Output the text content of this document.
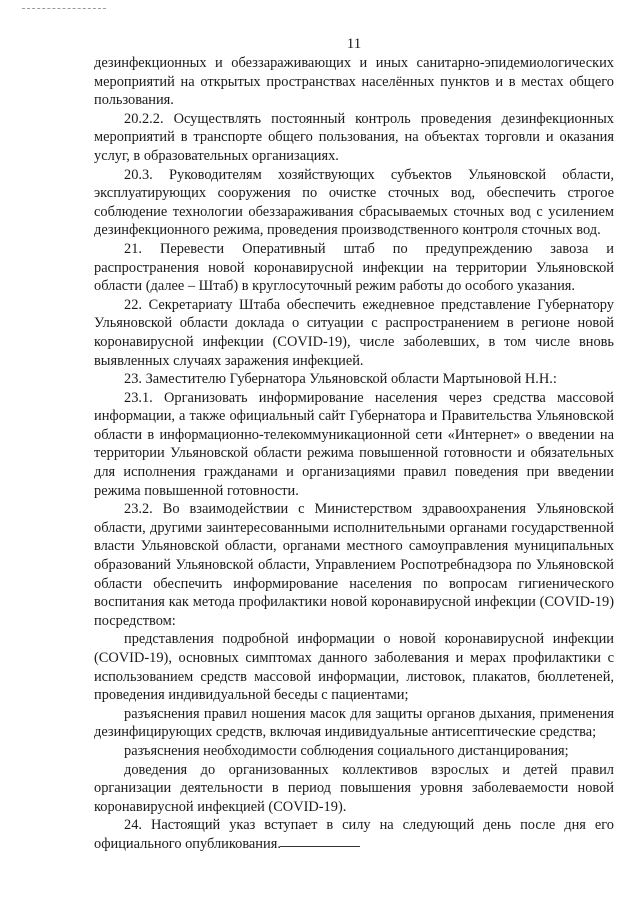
11

дезинфекционных и обеззараживающих и иных санитарно-эпидемиологических мероприятий на открытых пространствах населённых пунктов и в местах общего пользования.

20.2.2. Осуществлять постоянный контроль проведения дезинфекционных мероприятий в транспорте общего пользования, на объектах торговли и оказания услуг, в образовательных организациях.

20.3. Руководителям хозяйствующих субъектов Ульяновской области, эксплуатирующих сооружения по очистке сточных вод, обеспечить строгое соблюдение технологии обеззараживания сбрасываемых сточных вод с усилением дезинфекционного режима, проведения производственного контроля сточных вод.

21. Перевести Оперативный штаб по предупреждению завоза и распространения новой коронавирусной инфекции на территории Ульяновской области (далее – Штаб) в круглосуточный режим работы до особого указания.

22. Секретариату Штаба обеспечить ежедневное представление Губернатору Ульяновской области доклада о ситуации с распространением в регионе новой коронавирусной инфекции (COVID-19), числе заболевших, в том числе вновь выявленных случаях заражения инфекцией.

23. Заместителю Губернатора Ульяновской области Мартыновой Н.Н.:

23.1. Организовать информирование населения через средства массовой информации, а также официальный сайт Губернатора и Правительства Ульяновской области в информационно-телекоммуникационной сети «Интернет» о введении на территории Ульяновской области режима повышенной готовности и обязательных для исполнения гражданами и организациями правил поведения при введении режима повышенной готовности.

23.2. Во взаимодействии с Министерством здравоохранения Ульяновской области, другими заинтересованными исполнительными органами государственной власти Ульяновской области, органами местного самоуправления муниципальных образований Ульяновской области, Управлением Роспотребнадзора по Ульяновской области обеспечить информирование населения по вопросам гигиенического воспитания как метода профилактики новой коронавирусной инфекции (COVID-19) посредством:

представления подробной информации о новой коронавирусной инфекции (COVID-19), основных симптомах данного заболевания и мерах профилактики с использованием средств массовой информации, листовок, плакатов, бюллетеней, проведения индивидуальной беседы с пациентами;

разъяснения правил ношения масок для защиты органов дыхания, применения дезинфицирующих средств, включая индивидуальные антисептические средства;

разъяснения необходимости соблюдения социального дистанцирования;

доведения до организованных коллективов взрослых и детей правил организации деятельности в период повышения уровня заболеваемости новой коронавирусной инфекцией (COVID-19).

24. Настоящий указ вступает в силу на следующий день после дня его официального опубликования.
